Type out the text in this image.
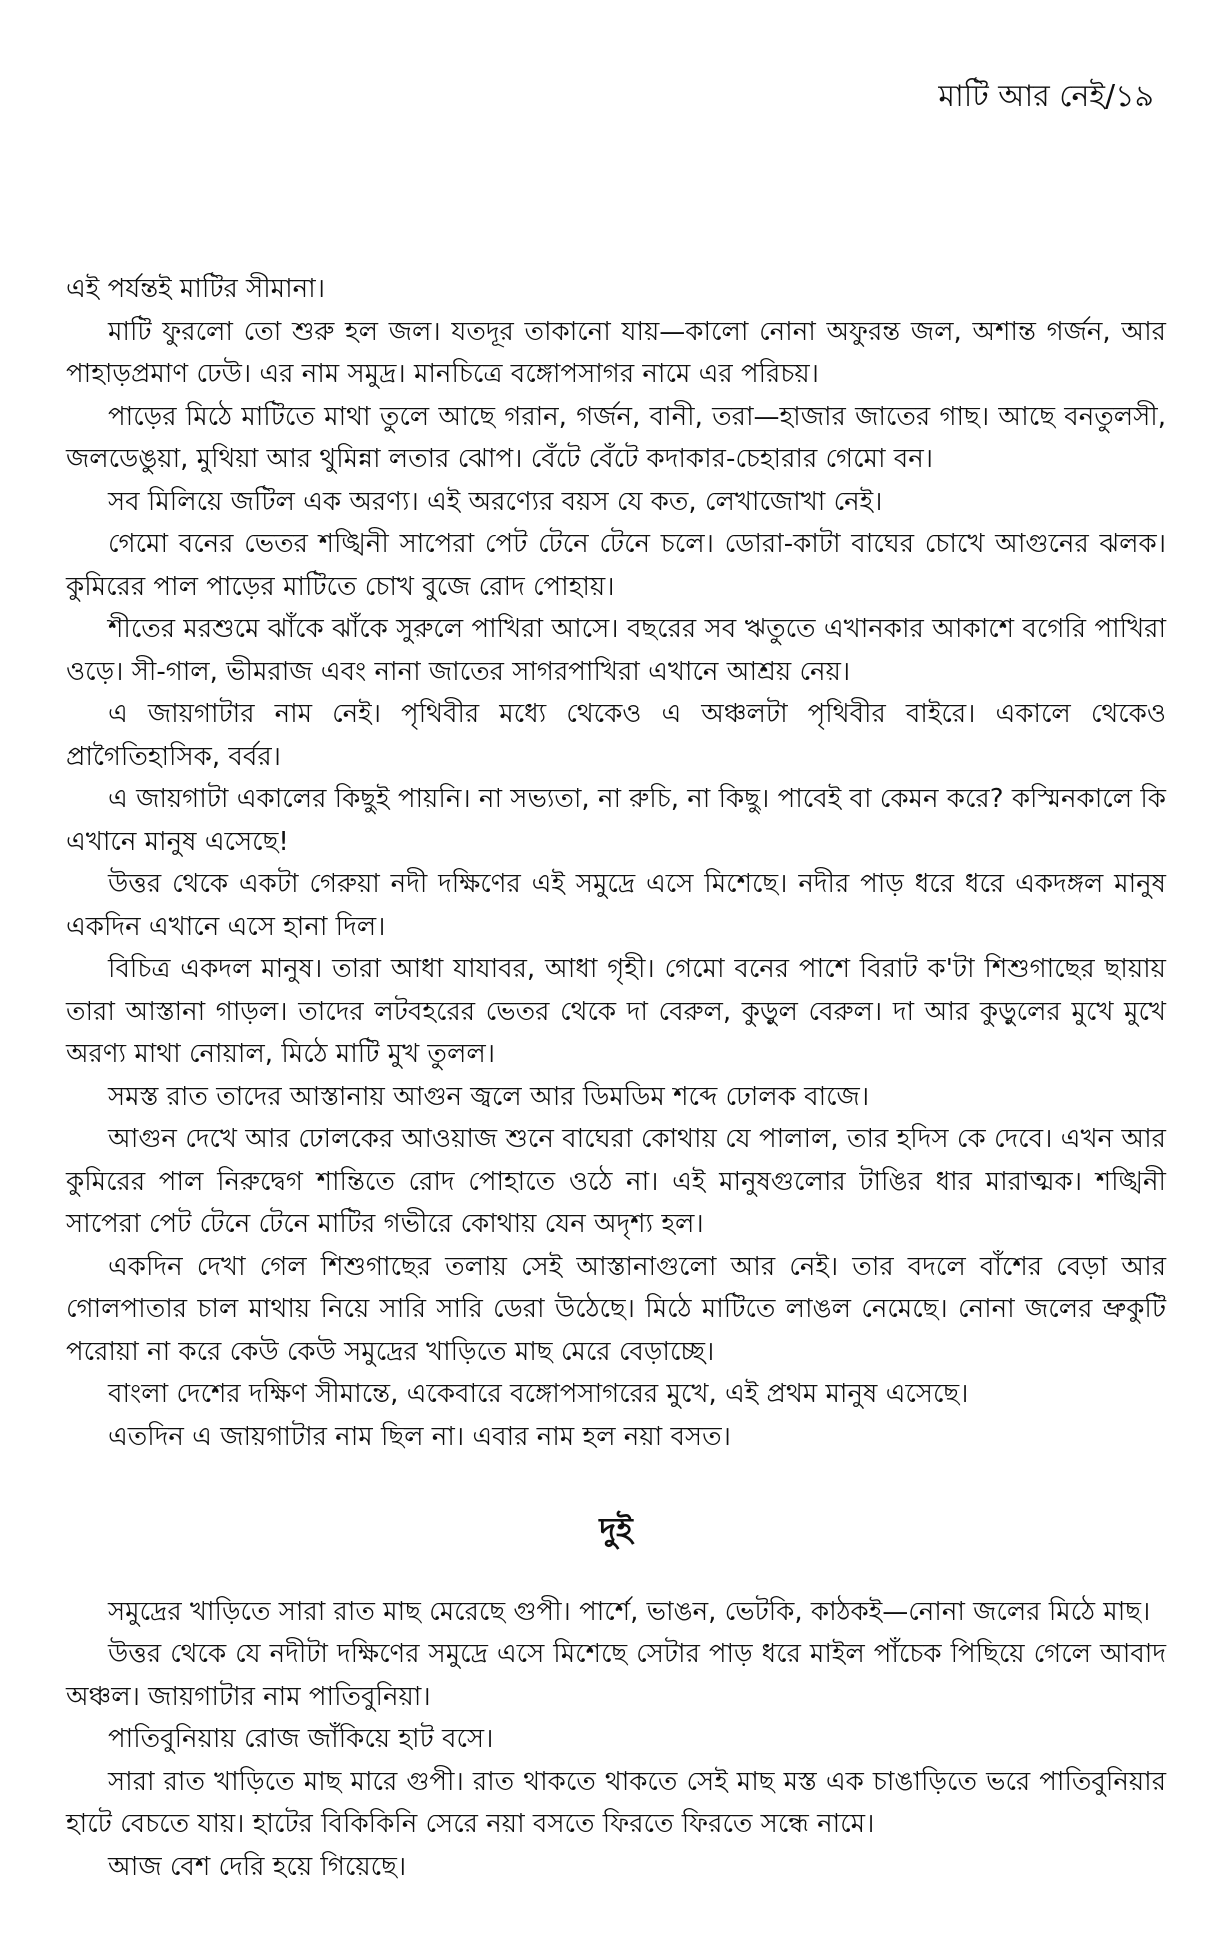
মাটি আর নেই/১৯

এই পর্যন্তই মাটির সীমানা।

মাটি ফুরলো তো শুরু হল জল। যতদূর তাকানো যায়—কালো নোনা অফুরন্ত জল, অশান্ত গর্জন, আর পাহাড়প্রমাণ ঢেউ। এর নাম সমুদ্র। মানচিত্রে বঙ্গোপসাগর নামে এর পরিচয়।

পাড়ের মিঠে মাটিতে মাথা তুলে আছে গরান, গর্জন, বানী, তরা—হাজার জাতের গাছ। আছে বনতুলসী, জলডেঙুয়া, মুথিয়া আর থুমিন্না লতার ঝোপ। বেঁটে বেঁটে কদাকার-চেহারার গেমো বন।

সব মিলিয়ে জটিল এক অরণ্য। এই অরণ্যের বয়স যে কত, লেখাজোখা নেই।

গেমো বনের ভেতর শঙ্খিনী সাপেরা পেট টেনে টেনে চলে। ডোরা-কাটা বাঘের চোখে আগুনের ঝলক। কুমিরের পাল পাড়ের মাটিতে চোখ বুজে রোদ পোহায়।

শীতের মরশুমে ঝাঁকে ঝাঁকে সুরুলে পাখিরা আসে। বছরের সব ঋতুতে এখানকার আকাশে বগেরি পাখিরা ওড়ে। সী-গাল, ভীমরাজ এবং নানা জাতের সাগরপাখিরা এখানে আশ্রয় নেয়।

এ জায়গাটার নাম নেই। পৃথিবীর মধ্যে থেকেও এ অঞ্চলটা পৃথিবীর বাইরে। একালে থেকেও প্রাগৈতিহাসিক, বর্বর।

এ জায়গাটা একালের কিছুই পায়নি। না সভ্যতা, না রুচি, না কিছু। পাবেই বা কেমন করে? কস্মিনকালে কি এখানে মানুষ এসেছে!

উত্তর থেকে একটা গেরুয়া নদী দক্ষিণের এই সমুদ্রে এসে মিশেছে। নদীর পাড় ধরে ধরে একদঙ্গল মানুষ একদিন এখানে এসে হানা দিল।

বিচিত্র একদল মানুষ। তারা আধা যাযাবর, আধা গৃহী। গেমো বনের পাশে বিরাট ক'টা শিশুগাছের ছায়ায় তারা আস্তানা গাড়ল। তাদের লটবহরের ভেতর থেকে দা বেরুল, কুড়ুল বেরুল। দা আর কুড়ুলের মুখে মুখে অরণ্য মাথা নোয়াল, মিঠে মাটি মুখ তুলল।

সমস্ত রাত তাদের আস্তানায় আগুন জ্বলে আর ডিমডিম শব্দে ঢোলক বাজে।

আগুন দেখে আর ঢোলকের আওয়াজ শুনে বাঘেরা কোথায় যে পালাল, তার হদিস কে দেবে। এখন আর কুমিরের পাল নিরুদ্বেগ শান্তিতে রোদ পোহাতে ওঠে না। এই মানুষগুলোর টাঙির ধার মারাত্মক। শঙ্খিনী সাপেরা পেট টেনে টেনে মাটির গভীরে কোথায় যেন অদৃশ্য হল।

একদিন দেখা গেল শিশুগাছের তলায় সেই আস্তানাগুলো আর নেই। তার বদলে বাঁশের বেড়া আর গোলপাতার চাল মাথায় নিয়ে সারি সারি ডেরা উঠেছে। মিঠে মাটিতে লাঙল নেমেছে। নোনা জলের ভ্রুকুটি পরোয়া না করে কেউ কেউ সমুদ্রের খাড়িতে মাছ মেরে বেড়াচ্ছে।

বাংলা দেশের দক্ষিণ সীমান্তে, একেবারে বঙ্গোপসাগরের মুখে, এই প্রথম মানুষ এসেছে।

এতদিন এ জায়গাটার নাম ছিল না। এবার নাম হল নয়া বসত।

দুই

সমুদ্রের খাড়িতে সারা রাত মাছ মেরেছে গুপী। পার্শে, ভাঙন, ভেটকি, কাঠকই—নোনা জলের মিঠে মাছ।

উত্তর থেকে যে নদীটা দক্ষিণের সমুদ্রে এসে মিশেছে সেটার পাড় ধরে মাইল পাঁচেক পিছিয়ে গেলে আবাদ অঞ্চল। জায়গাটার নাম পাতিবুনিয়া।

পাতিবুনিয়ায় রোজ জাঁকিয়ে হাট বসে।

সারা রাত খাড়িতে মাছ মারে গুপী। রাত থাকতে থাকতে সেই মাছ মস্ত এক চাঙাড়িতে ভরে পাতিবুনিয়ার হাটে বেচতে যায়। হাটের বিকিকিনি সেরে নয়া বসতে ফিরতে ফিরতে সন্ধে নামে।

আজ বেশ দেরি হয়ে গিয়েছে।
